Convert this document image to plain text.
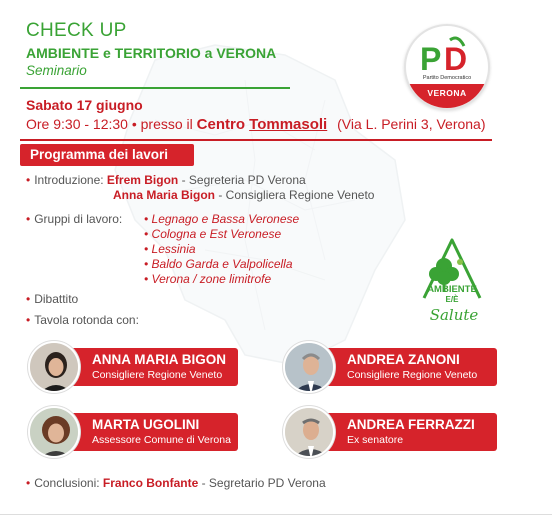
CHECK UP
AMBIENTE e TERRITORIO a VERONA
Seminario	P D
Partito Democratico
VERONA
Sabato 17 giugno
Ore 9:30 - 12:30 • presso il Centro Tommasoli (Via L. Perini 3, Verona)
Programma dei lavori
• Introduzione: Efrem Bigon - Segreteria PD Verona
Anna Maria Bigon - Consigliera Regione Veneto
• Gruppi di lavoro: • Legnago e Bassa Veronese
• Cologna e Est Veronese
• Lessinia
• Baldo Garda e Valpolicella
• Verona / zone limitrofe
• Dibattito
• Tavola rotonda con:
AMBIENTE
E/È
Salute
ANNA MARIA BIGON
Consigliere Regione Veneto
ANDREA ZANONI
Consigliere Regione Veneto
MARTA UGOLINI
Assessore Comune di Verona
ANDREA FERRAZZI
Ex senatore
• Conclusioni: Franco Bonfante - Segretario PD Verona
